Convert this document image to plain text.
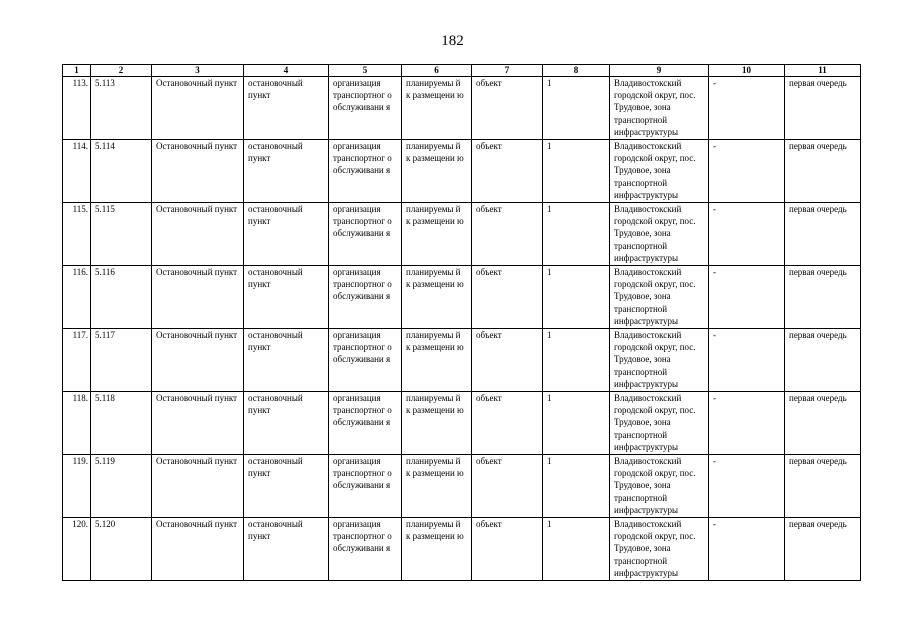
182
1	2	3	4	5	6	7	8	9	10	11
113.	5.113	Остановочный пункт	остановочный пункт	организация транспортног о обслуживани я	планируемы й к размещени ю	объект	1	Владивостокский городской округ, пос. Трудовое, зона транспортной инфраструктуры	-	первая очередь
114.	5.114	Остановочный пункт	остановочный пункт	организация транспортног о обслуживани я	планируемы й к размещени ю	объект	1	Владивостокский городской округ, пос. Трудовое, зона транспортной инфраструктуры	-	первая очередь
115.	5.115	Остановочный пункт	остановочный пункт	организация транспортног о обслуживани я	планируемы й к размещени ю	объект	1	Владивостокский городской округ, пос. Трудовое, зона транспортной инфраструктуры	-	первая очередь
116.	5.116	Остановочный пункт	остановочный пункт	организация транспортног о обслуживани я	планируемы й к размещени ю	объект	1	Владивостокский городской округ, пос. Трудовое, зона транспортной инфраструктуры	-	первая очередь
117.	5.117	Остановочный пункт	остановочный пункт	организация транспортног о обслуживани я	планируемы й к размещени ю	объект	1	Владивостокский городской округ, пос. Трудовое, зона транспортной инфраструктуры	-	первая очередь
118.	5.118	Остановочный пункт	остановочный пункт	организация транспортног о обслуживани я	планируемы й к размещени ю	объект	1	Владивостокский городской округ, пос. Трудовое, зона транспортной инфраструктуры	-	первая очередь
119.	5.119	Остановочный пункт	остановочный пункт	организация транспортног о обслуживани я	планируемы й к размещени ю	объект	1	Владивостокский городской округ, пос. Трудовое, зона транспортной инфраструктуры	-	первая очередь
120.	5.120	Остановочный пункт	остановочный пункт	организация транспортног о обслуживани я	планируемы й к размещени ю	объект	1	Владивостокский городской округ, пос. Трудовое, зона транспортной инфраструктуры	-	первая очередь
